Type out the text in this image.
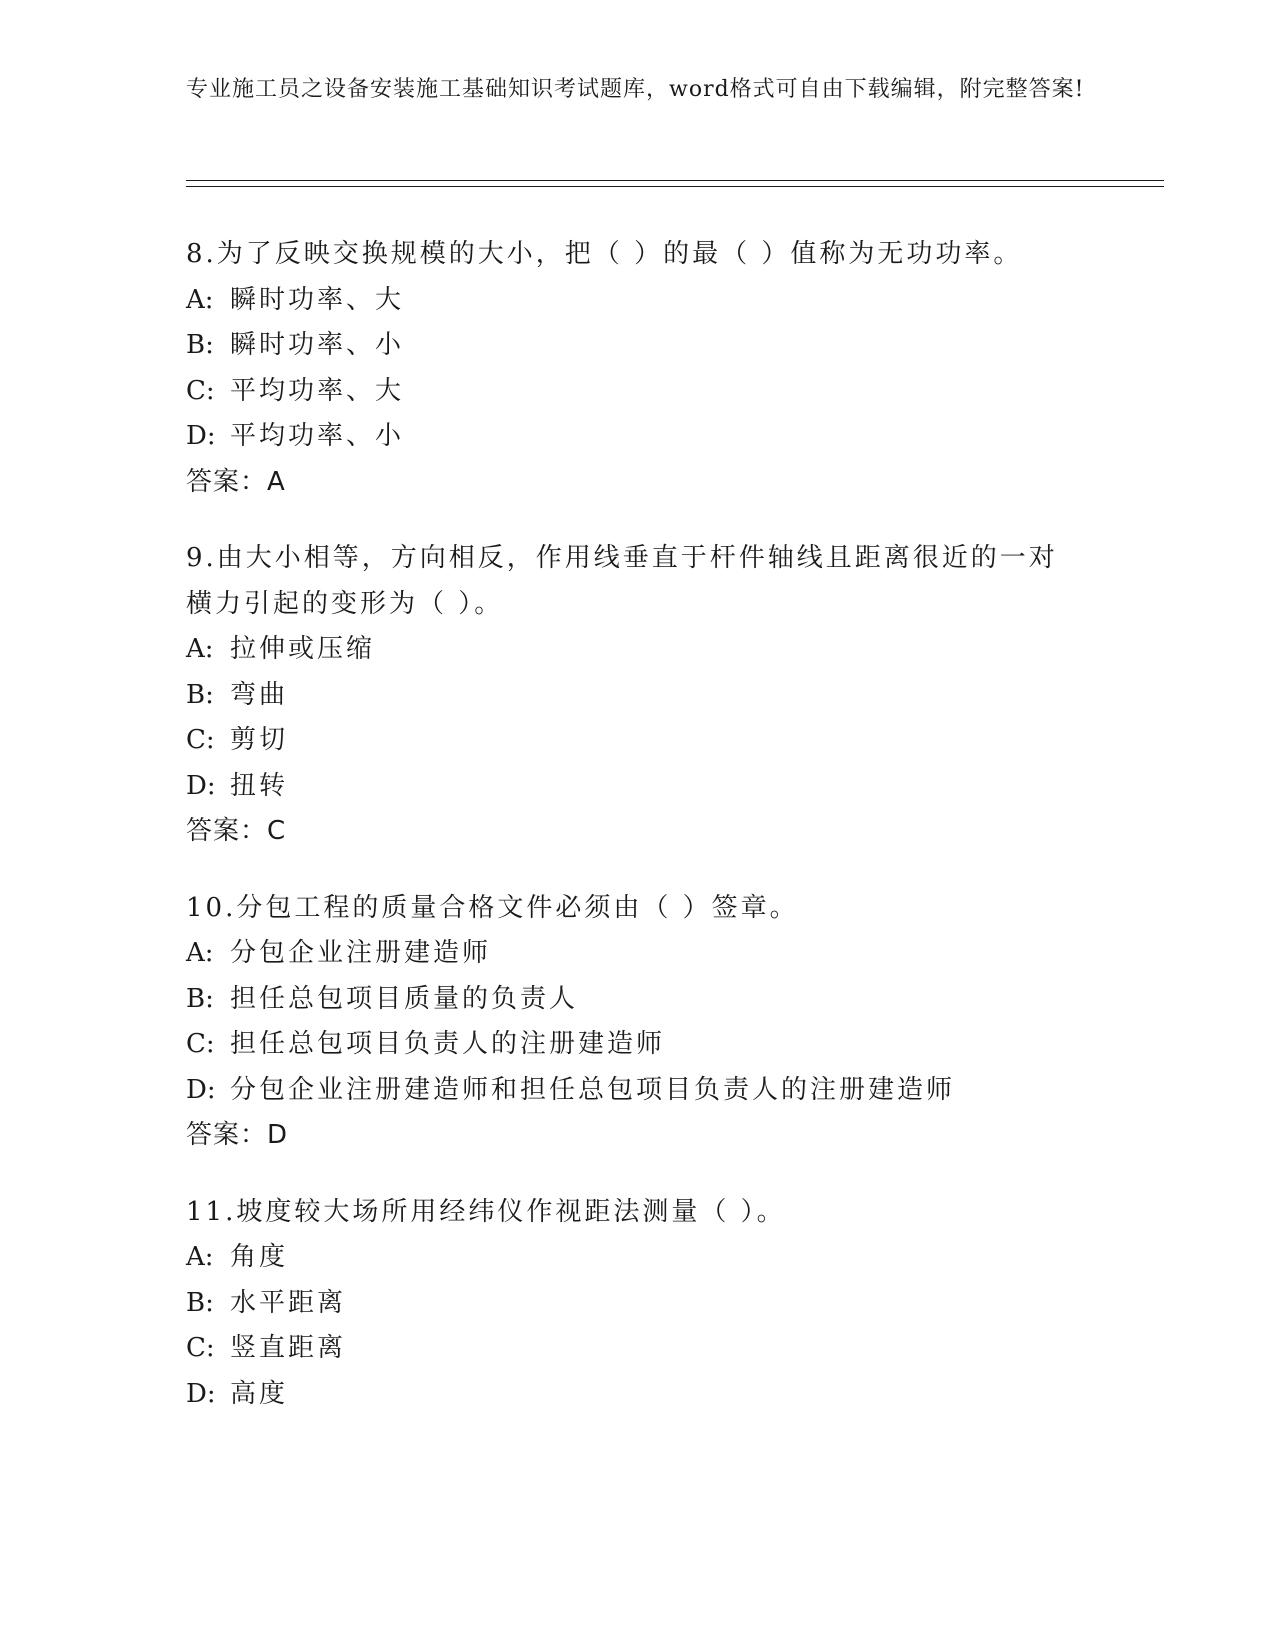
专业施工员之设备安装施工基础知识考试题库，word格式可自由下载编辑，附完整答案!

8.为了反映交换规模的大小，把（ ）的最（ ）值称为无功功率。

A: 瞬时功率、大

B: 瞬时功率、小

C: 平均功率、大

D: 平均功率、小

答案：A

9.由大小相等，方向相反，作用线垂直于杆件轴线且距离很近的一对横力引起的变形为（ ）。

A: 拉伸或压缩

B: 弯曲

C: 剪切

D: 扭转

答案：C

10.分包工程的质量合格文件必须由（ ）签章。

A: 分包企业注册建造师

B: 担任总包项目质量的负责人

C: 担任总包项目负责人的注册建造师

D: 分包企业注册建造师和担任总包项目负责人的注册建造师

答案：D

11.坡度较大场所用经纬仪作视距法测量（ ）。

A: 角度

B: 水平距离

C: 竖直距离

D: 高度
